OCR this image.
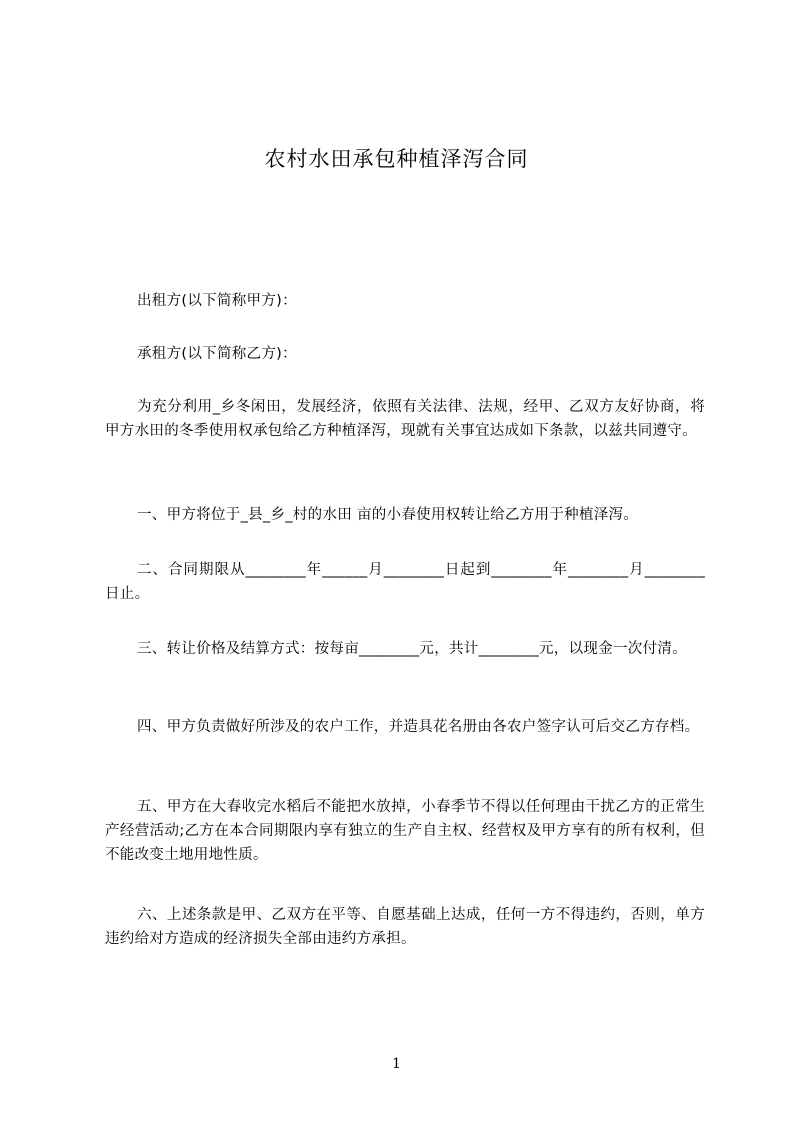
农村水田承包种植泽泻合同
出租方(以下简称甲方)：
承租方(以下简称乙方)：
为充分利用_乡冬闲田，发展经济，依照有关法律、法规，经甲、乙双方友好协商，将甲方水田的冬季使用权承包给乙方种植泽泻，现就有关事宜达成如下条款，以兹共同遵守。
一、甲方将位于_县_乡_村的水田 亩的小春使用权转让给乙方用于种植泽泻。
二、合同期限从________年______月________日起到________年________月________日止。
三、转让价格及结算方式：按每亩________元，共计________元，以现金一次付清。
四、甲方负责做好所涉及的农户工作，并造具花名册由各农户签字认可后交乙方存档。
五、甲方在大春收完水稻后不能把水放掉，小春季节不得以任何理由干扰乙方的正常生产经营活动;乙方在本合同期限内享有独立的生产自主权、经营权及甲方享有的所有权利，但不能改变土地用地性质。
六、上述条款是甲、乙双方在平等、自愿基础上达成，任何一方不得违约，否则，单方违约给对方造成的经济损失全部由违约方承担。
1
